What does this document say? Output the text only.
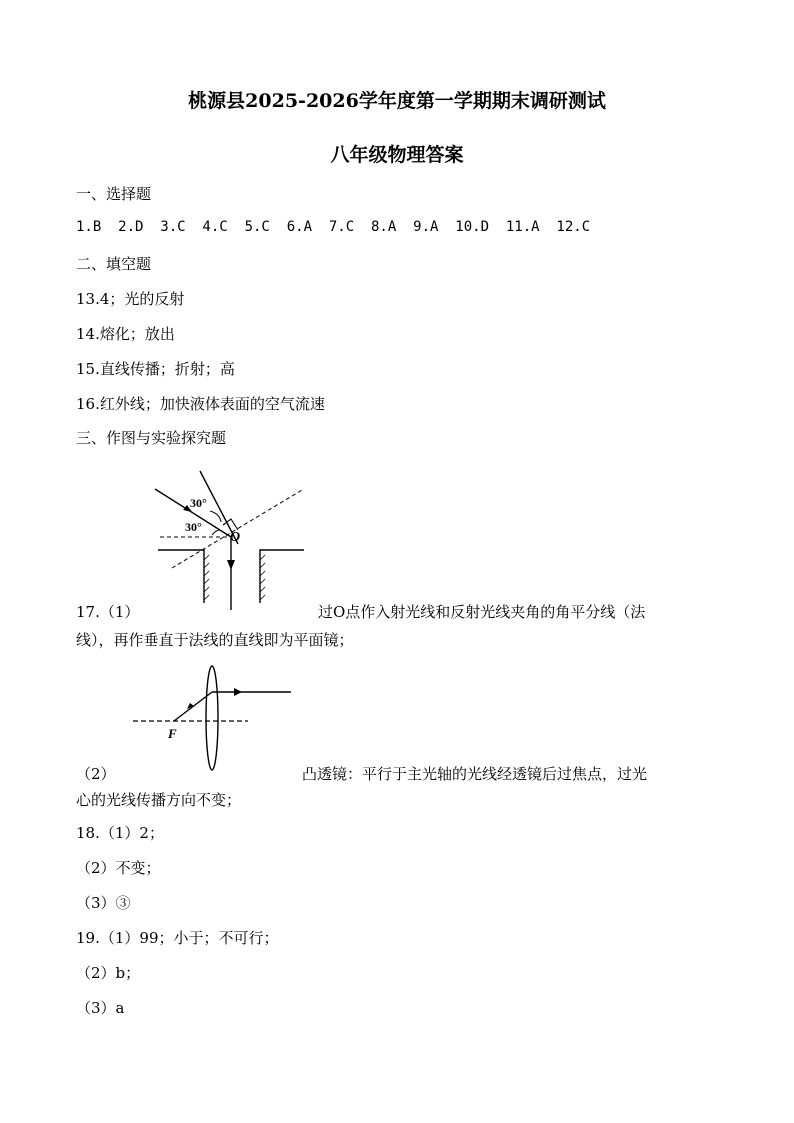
桃源县2025-2026学年度第一学期期末调研测试
八年级物理答案
一、选择题
1.B  2.D  3.C  4.C  5.C  6.A  7.C  8.A  9.A  10.D  11.A  12.C
二、填空题
13.4；光的反射
14.熔化；放出
15.直线传播；折射；高
16.红外线；加快液体表面的空气流速
三、作图与实验探究题
30°
30°
O
17.（1）	过O点作入射光线和反射光线夹角的角平分线（法
线），再作垂直于法线的直线即为平面镜；
F
（2）	凸透镜：平行于主光轴的光线经透镜后过焦点，过光
心的光线传播方向不变；
18.（1）2；
（2）不变；
（3）③
19.（1）99；小于；不可行；
（2）b；
（3）a
